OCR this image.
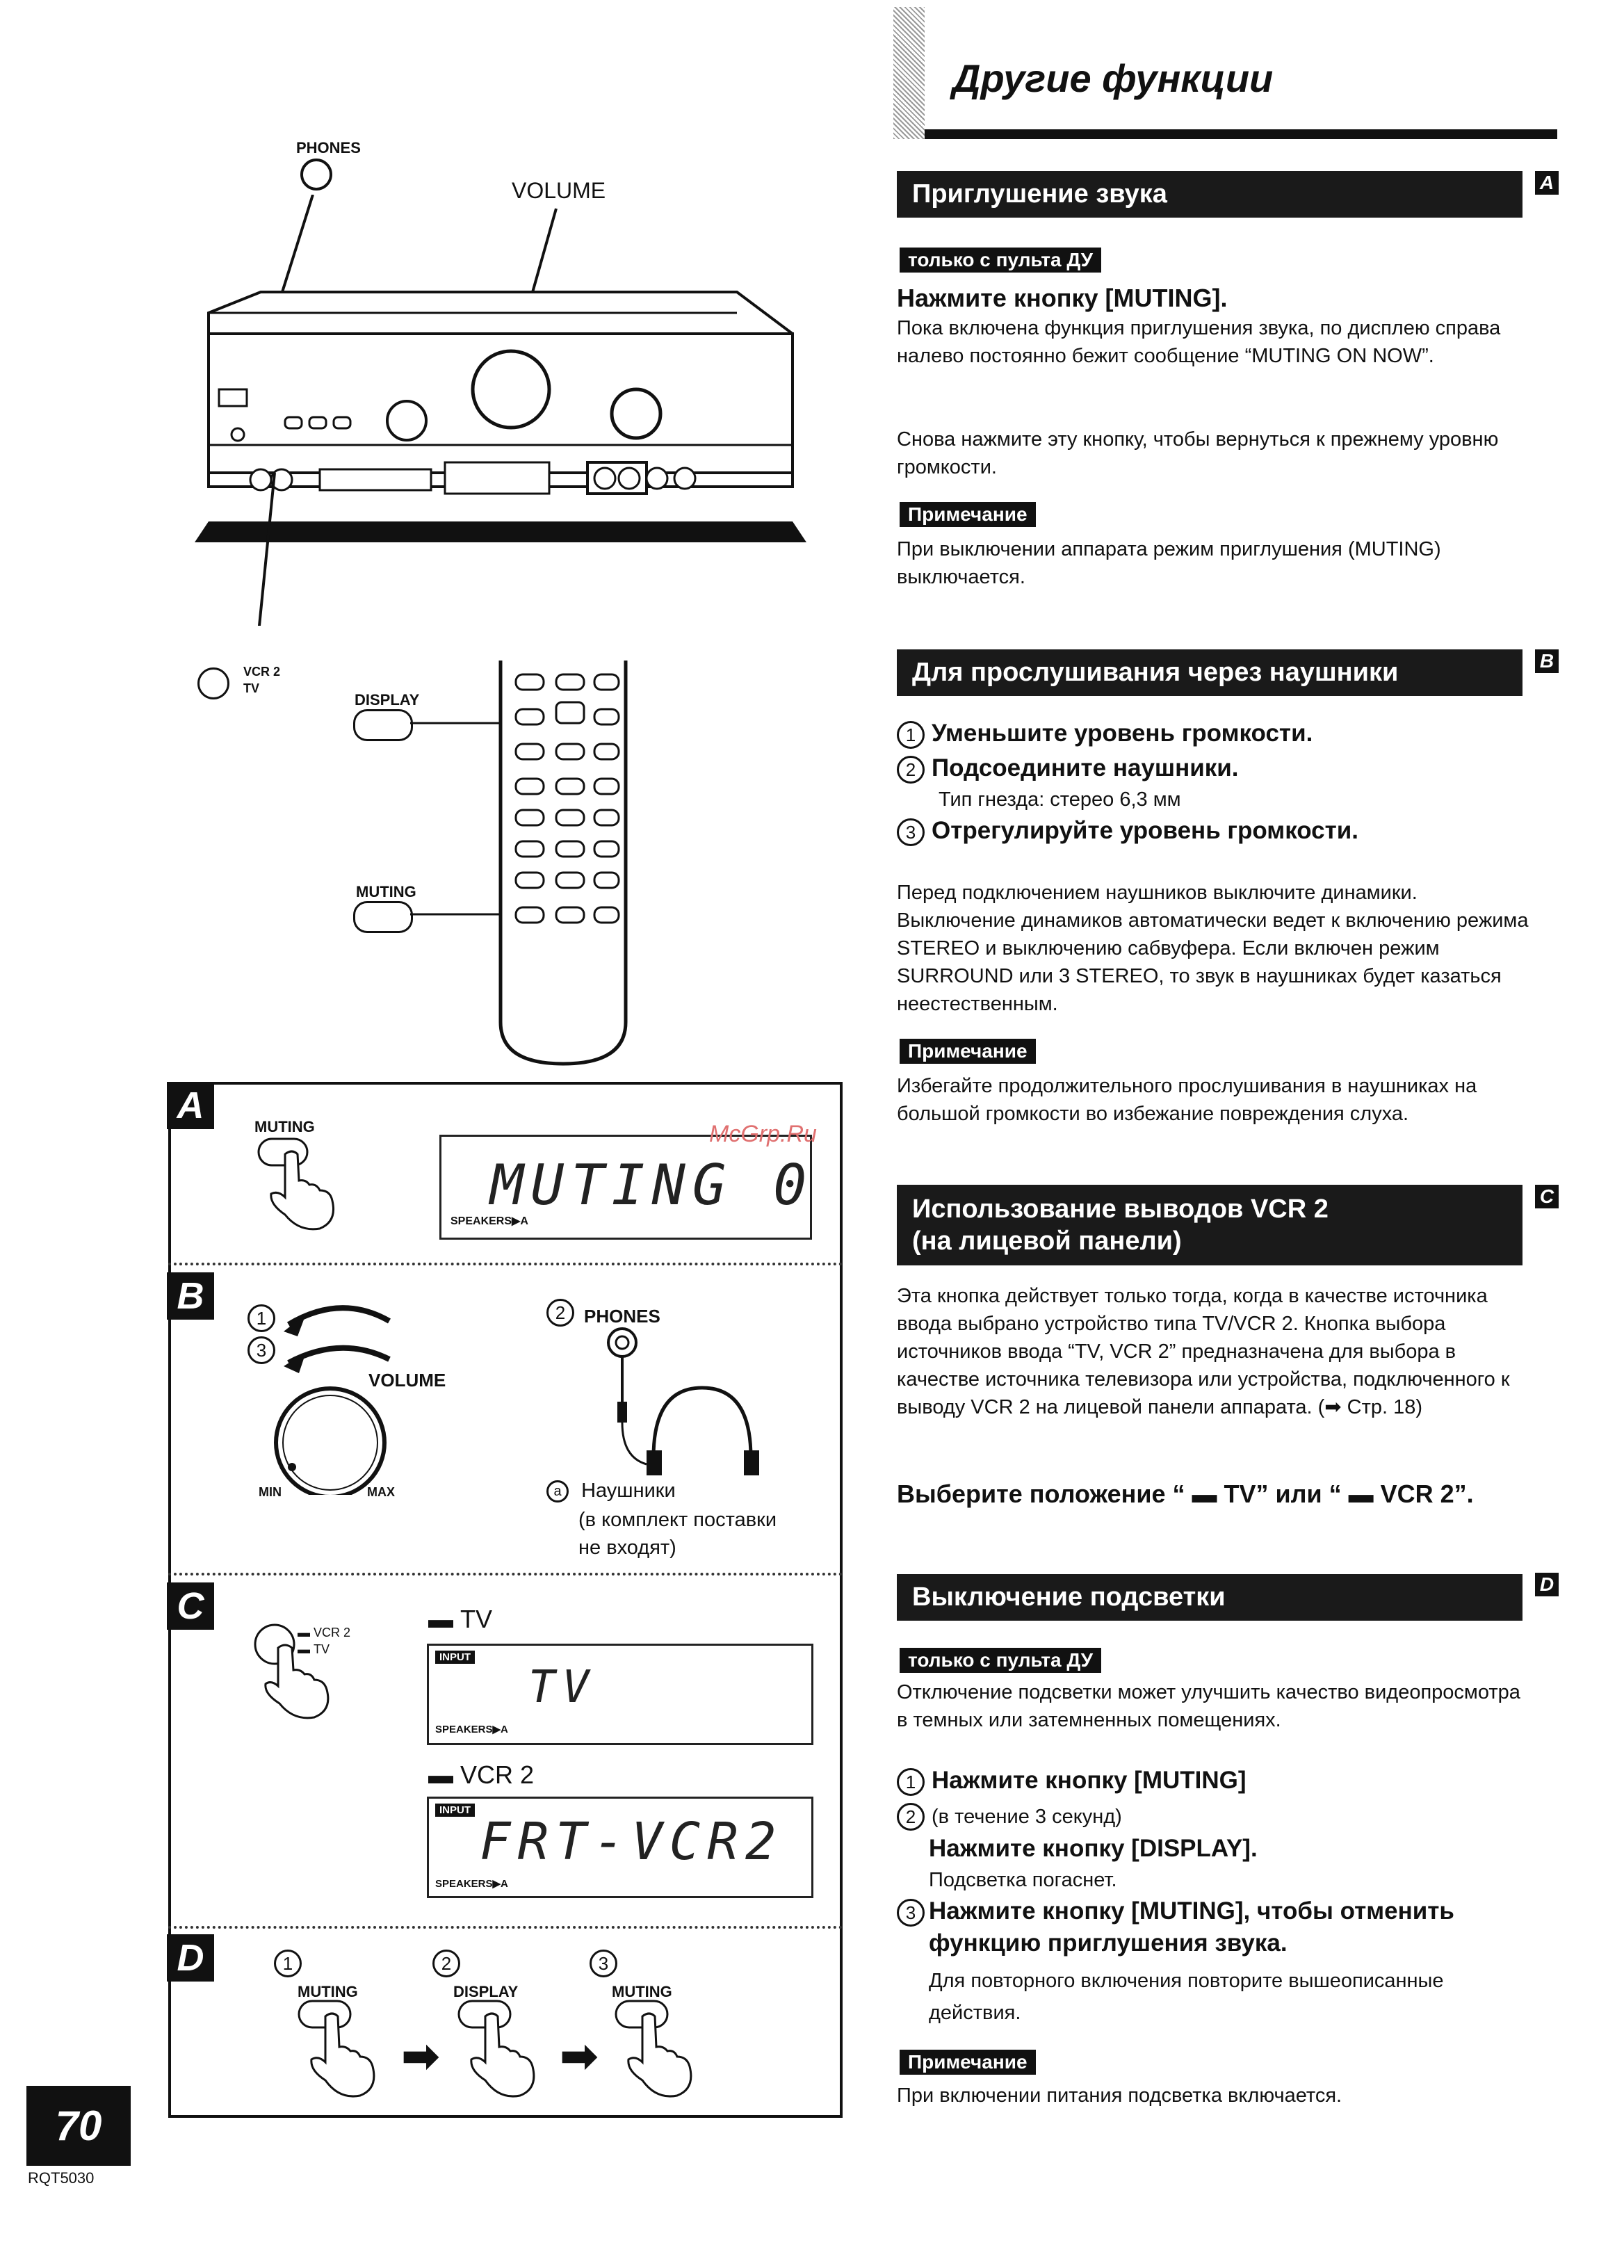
Другие функции
Приглушение звука	A
только с пульта ДУ
Нажмите кнопку [MUTING].
Пока включена функция приглушения звука, по дисплею справа налево постоянно бежит сообщение “MUTING ON NOW”.
Снова нажмите эту кнопку, чтобы вернуться к прежнему уровню громкости.
Примечание
При выключении аппарата режим приглушения (MUTING) выключается.
Для прослушивания через наушники	B
1 Уменьшите уровень громкости.
2 Подсоедините наушники.
Тип гнезда: стерео 6,3 мм
3 Отрегулируйте уровень громкости.
Перед подключением наушников выключите динамики. Выключение динамиков автоматически ведет к включению режима STEREO и выключению сабвуфера. Если включен режим SURROUND или 3 STEREO, то звук в наушниках будет казаться неестественным.
Примечание
Избегайте продолжительного прослушивания в наушниках на большой громкости во избежание повреждения слуха.
Использование выводов VCR 2
(на лицевой панели)
C
Эта кнопка действует только тогда, когда в качестве источника ввода выбрано устройство типа TV/VCR 2. Кнопка выбора источников ввода “TV, VCR 2” предназначена для выбора в качестве источника телевизора или устройства, подключенного к выводу VCR 2 на лицевой панели аппарата. (➡ Стр. 18)
Выберите положение “ ▬ TV” или “ ▬ VCR 2”.
Выключение подсветки	D
только с пульта ДУ
Отключение подсветки может улучшить качество видеопросмотра в темных или затемненных помещениях.
1 Нажмите кнопку [MUTING]
2 (в течение 3 секунд)
Нажмите кнопку [DISPLAY].
Подсветка погаснет.
3 Нажмите кнопку [MUTING], чтобы отменить функцию приглушения звука.
Для повторного включения повторите вышеописанные действия.
Примечание
При включении питания подсветка включается.
PHONES
VOLUME
VCR 2
TV
DISPLAY
MUTING
A
MUTING
MUTING 0
SPEAKERS▶A
B
1
3
VOLUME
MIN	MAX
2	PHONES
a Наушники
(в комплект поставки
не входят)
C
▬ VCR 2
▬ TV
▬ TV
INPUT
TV
SPEAKERS▶A
▬ VCR 2
INPUT
FRT-VCR2
SPEAKERS▶A
D	1
MUTING
➡
2
DISPLAY
➡
3
MUTING
McGrp.Ru
70
RQT5030
